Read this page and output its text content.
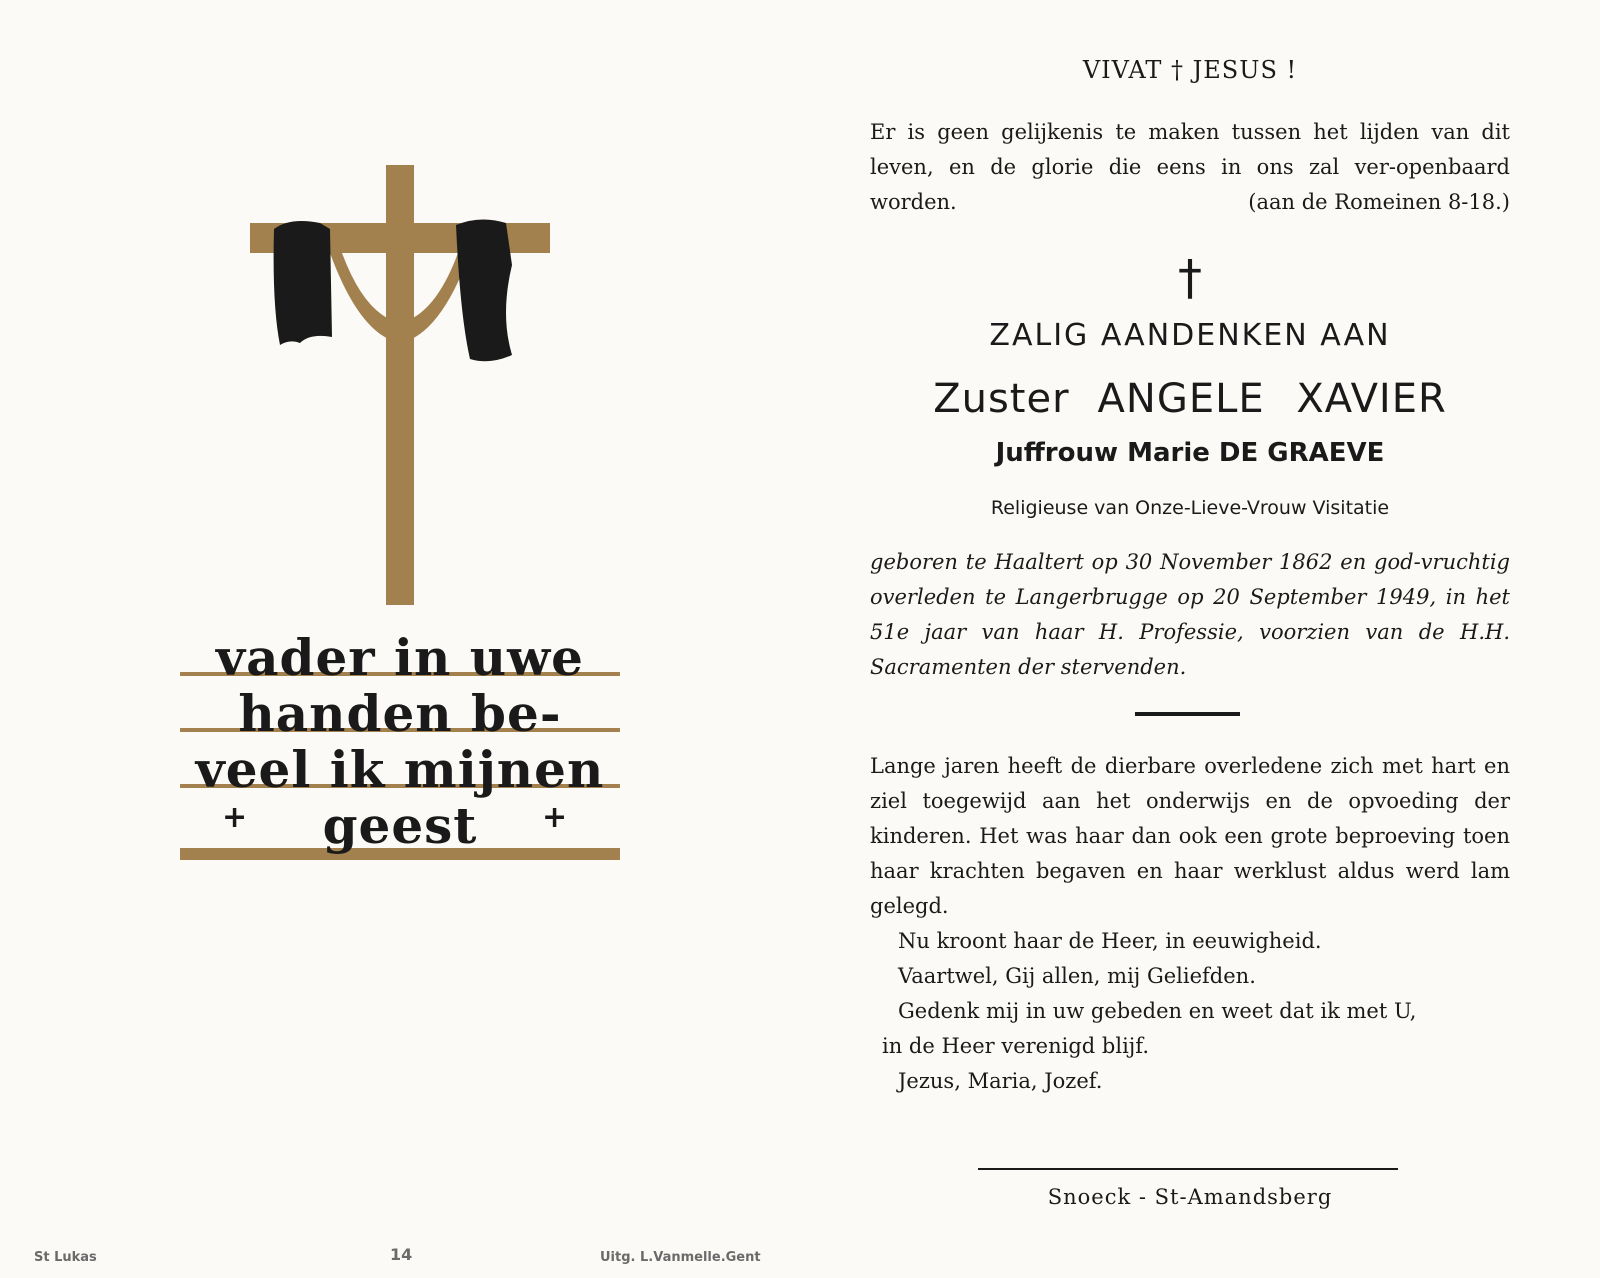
vader in uwe
handen be-
veel ik mijnen
geest
+	+
St Lukas	14	Uitg. L.Vanmelle.Gent
VIVAT † JESUS !
Er is geen gelijkenis te maken tussen het lijden van dit leven, en de glorie die eens in ons zal ver-openbaard worden.	(aan de Romeinen 8-18.)
†
ZALIG AANDENKEN AAN
Zuster ANGELE XAVIER
Juffrouw Marie DE GRAEVE
Religieuse van Onze-Lieve-Vrouw Visitatie
geboren te Haaltert op 30 November 1862 en god-vruchtig overleden te Langerbrugge op 20 September 1949, in het 51e jaar van haar H. Professie, voorzien van de H.H. Sacramenten der stervenden.
Lange jaren heeft de dierbare overledene zich met hart en ziel toegewijd aan het onderwijs en de opvoeding der kinderen. Het was haar dan ook een grote beproeving toen haar krachten begaven en haar werklust aldus werd lam gelegd.
Nu kroont haar de Heer, in eeuwigheid.
Vaartwel, Gij allen, mij Geliefden.
Gedenk mij in uw gebeden en weet dat ik met U,
in de Heer verenigd blijf.
Jezus, Maria, Jozef.
Snoeck - St-Amandsberg
